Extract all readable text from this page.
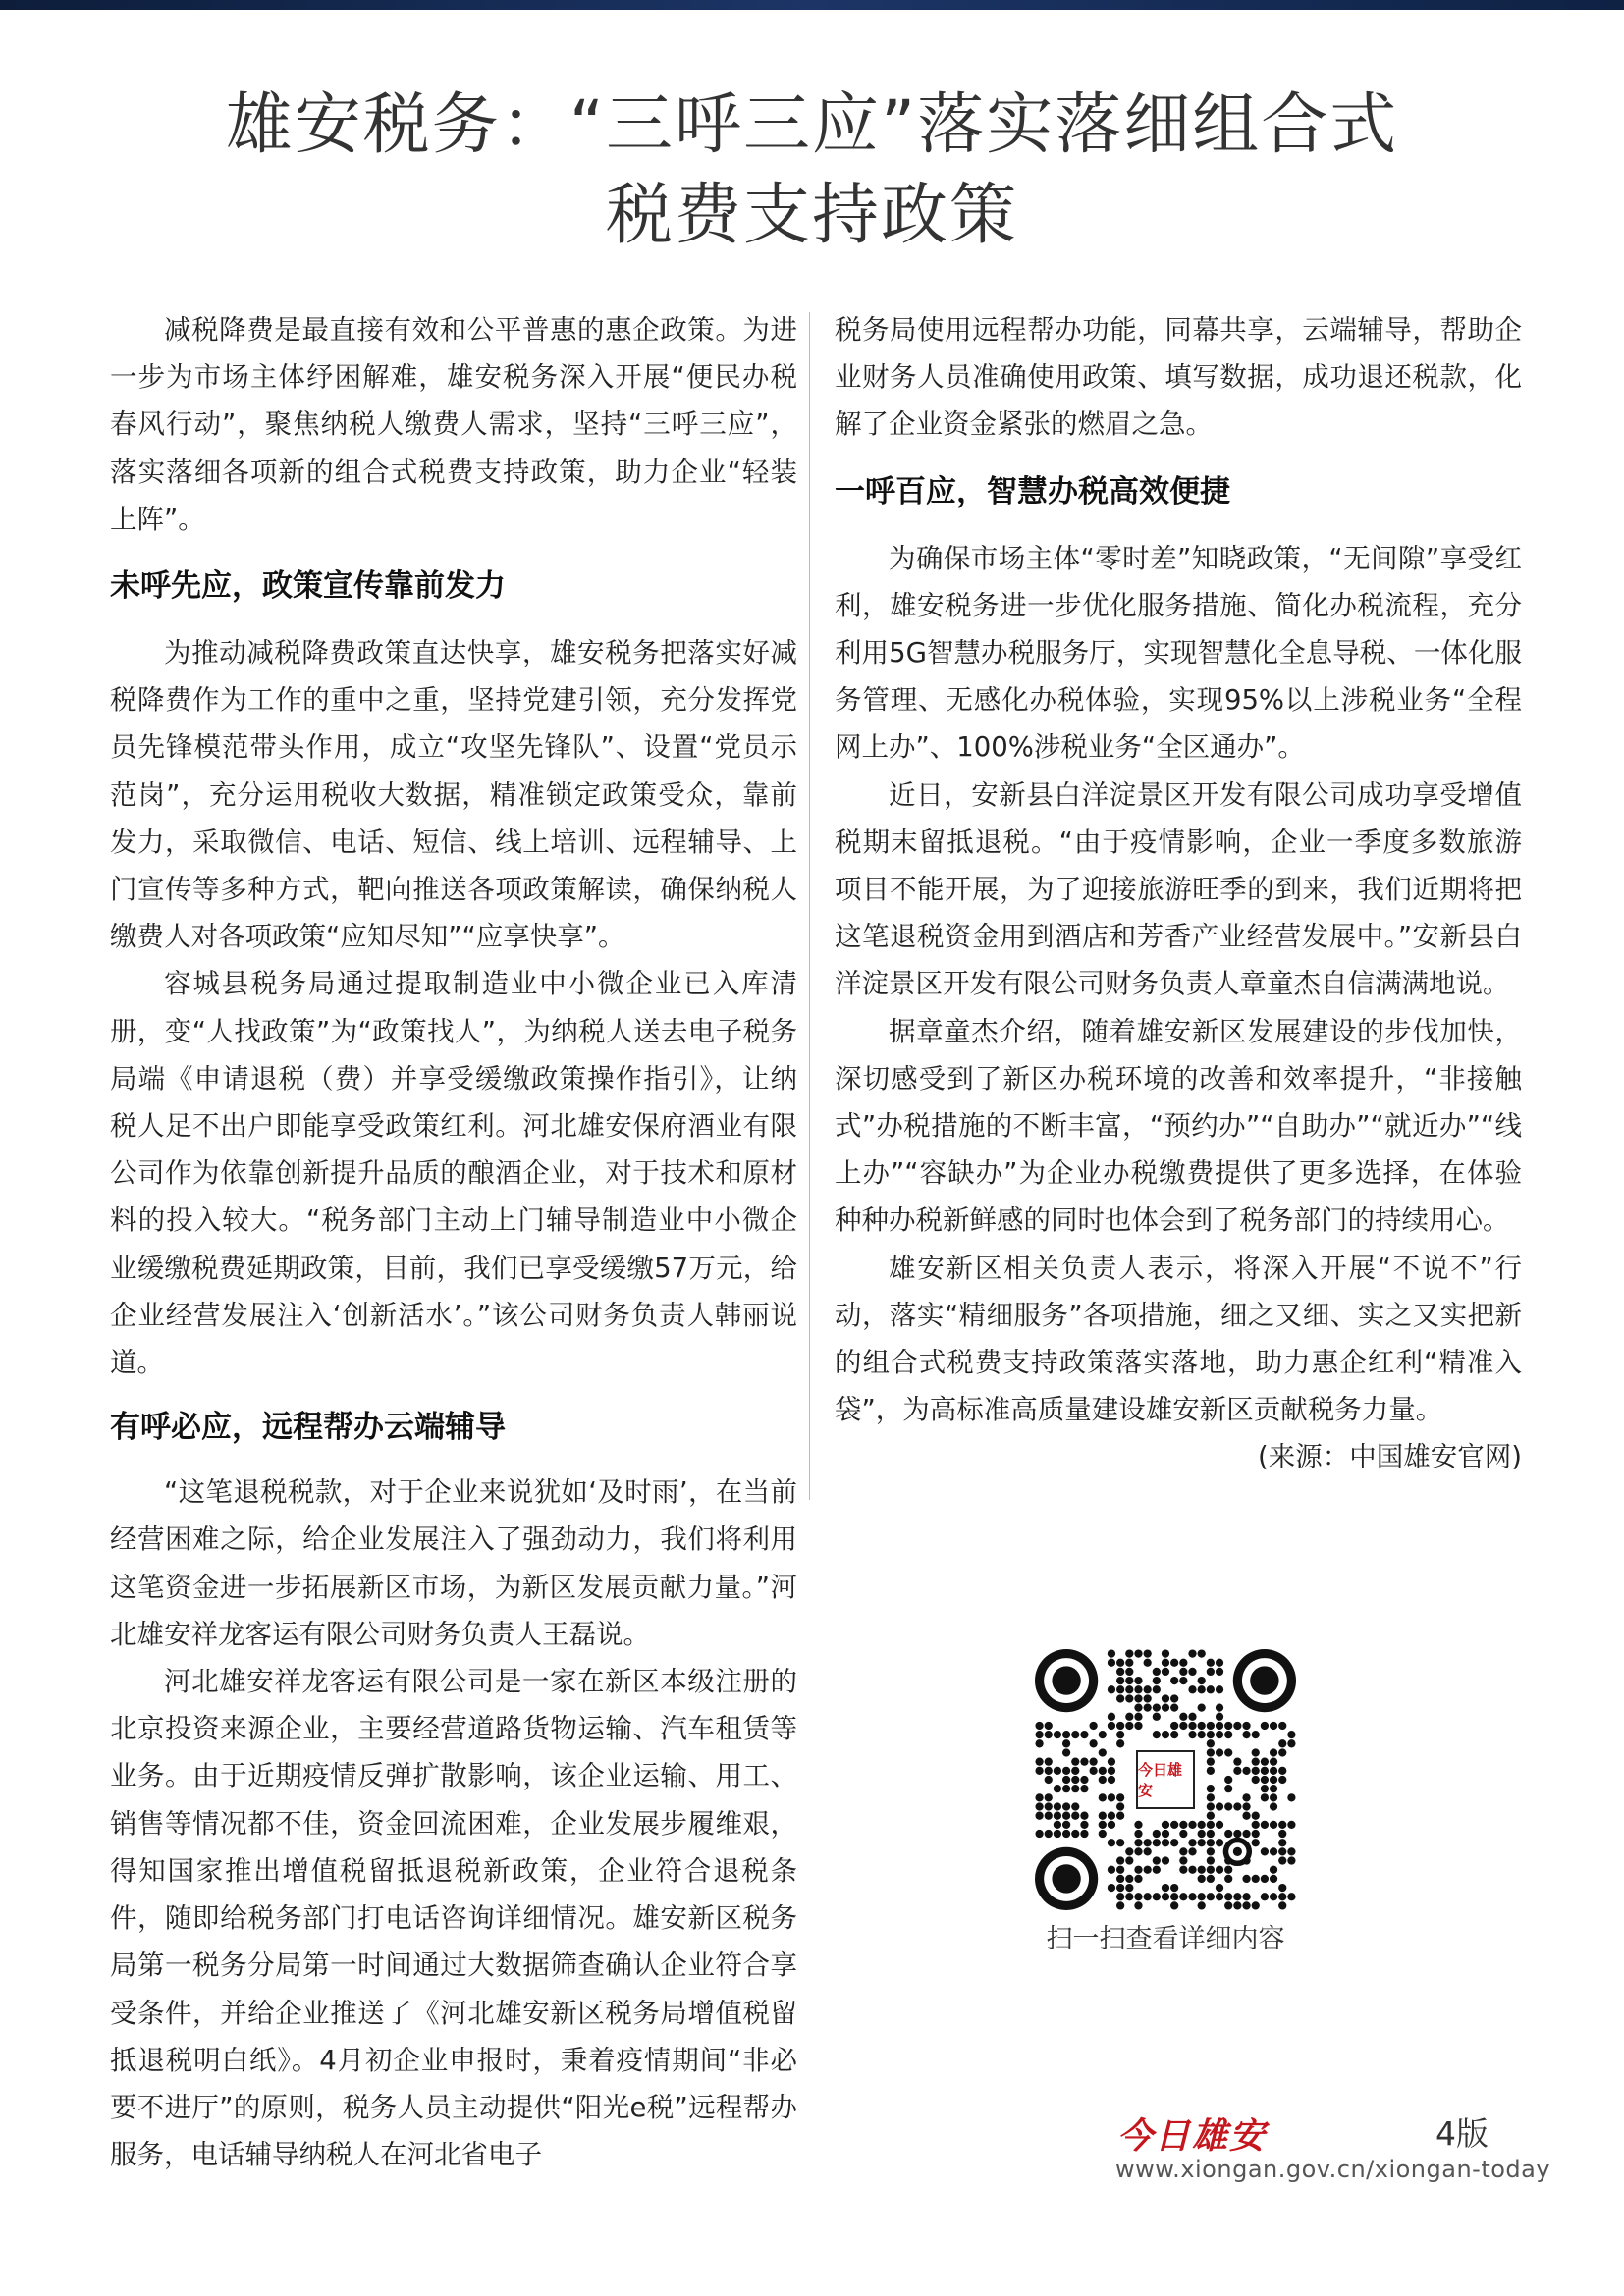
雄安税务：“三呼三应”落实落细组合式
税费支持政策

减税降费是最直接有效和公平普惠的惠企政策。为进一步为市场主体纾困解难，雄安税务深入开展“便民办税春风行动”，聚焦纳税人缴费人需求，坚持“三呼三应”，落实落细各项新的组合式税费支持政策，助力企业“轻装上阵”。

未呼先应，政策宣传靠前发力

为推动减税降费政策直达快享，雄安税务把落实好减税降费作为工作的重中之重，坚持党建引领，充分发挥党员先锋模范带头作用，成立“攻坚先锋队”、设置“党员示范岗”，充分运用税收大数据，精准锁定政策受众，靠前发力，采取微信、电话、短信、线上培训、远程辅导、上门宣传等多种方式，靶向推送各项政策解读，确保纳税人缴费人对各项政策“应知尽知”“应享快享”。

容城县税务局通过提取制造业中小微企业已入库清册，变“人找政策”为“政策找人”，为纳税人送去电子税务局端《申请退税（费）并享受缓缴政策操作指引》，让纳税人足不出户即能享受政策红利。河北雄安保府酒业有限公司作为依靠创新提升品质的酿酒企业，对于技术和原材料的投入较大。“税务部门主动上门辅导制造业中小微企业缓缴税费延期政策，目前，我们已享受缓缴57万元，给企业经营发展注入‘创新活水’。”该公司财务负责人韩丽说道。

有呼必应，远程帮办云端辅导

“这笔退税税款，对于企业来说犹如‘及时雨’，在当前经营困难之际，给企业发展注入了强劲动力，我们将利用这笔资金进一步拓展新区市场，为新区发展贡献力量。”河北雄安祥龙客运有限公司财务负责人王磊说。

河北雄安祥龙客运有限公司是一家在新区本级注册的北京投资来源企业，主要经营道路货物运输、汽车租赁等业务。由于近期疫情反弹扩散影响，该企业运输、用工、销售等情况都不佳，资金回流困难，企业发展步履维艰，得知国家推出增值税留抵退税新政策，企业符合退税条件，随即给税务部门打电话咨询详细情况。雄安新区税务局第一税务分局第一时间通过大数据筛查确认企业符合享受条件，并给企业推送了《河北雄安新区税务局增值税留抵退税明白纸》。4月初企业申报时，秉着疫情期间“非必要不进厅”的原则，税务人员主动提供“阳光e税”远程帮办服务，电话辅导纳税人在河北省电子

税务局使用远程帮办功能，同幕共享，云端辅导，帮助企业财务人员准确使用政策、填写数据，成功退还税款，化解了企业资金紧张的燃眉之急。

一呼百应，智慧办税高效便捷

为确保市场主体“零时差”知晓政策，“无间隙”享受红利，雄安税务进一步优化服务措施、简化办税流程，充分利用5G智慧办税服务厅，实现智慧化全息导税、一体化服务管理、无感化办税体验，实现95%以上涉税业务“全程网上办”、100%涉税业务“全区通办”。

近日，安新县白洋淀景区开发有限公司成功享受增值税期末留抵退税。“由于疫情影响，企业一季度多数旅游项目不能开展，为了迎接旅游旺季的到来，我们近期将把这笔退税资金用到酒店和芳香产业经营发展中。”安新县白洋淀景区开发有限公司财务负责人章童杰自信满满地说。

据章童杰介绍，随着雄安新区发展建设的步伐加快，深切感受到了新区办税环境的改善和效率提升，“非接触式”办税措施的不断丰富，“预约办”“自助办”“就近办”“线上办”“容缺办”为企业办税缴费提供了更多选择，在体验种种办税新鲜感的同时也体会到了税务部门的持续用心。

雄安新区相关负责人表示，将深入开展“不说不”行动，落实“精细服务”各项措施，细之又细、实之又实把新的组合式税费支持政策落实落地，助力惠企红利“精准入袋”，为高标准高质量建设雄安新区贡献税务力量。

(来源：中国雄安官网)

今日雄安
扫一扫查看详细内容
今日雄安	4版
www.xiongan.gov.cn/xiongan-today
